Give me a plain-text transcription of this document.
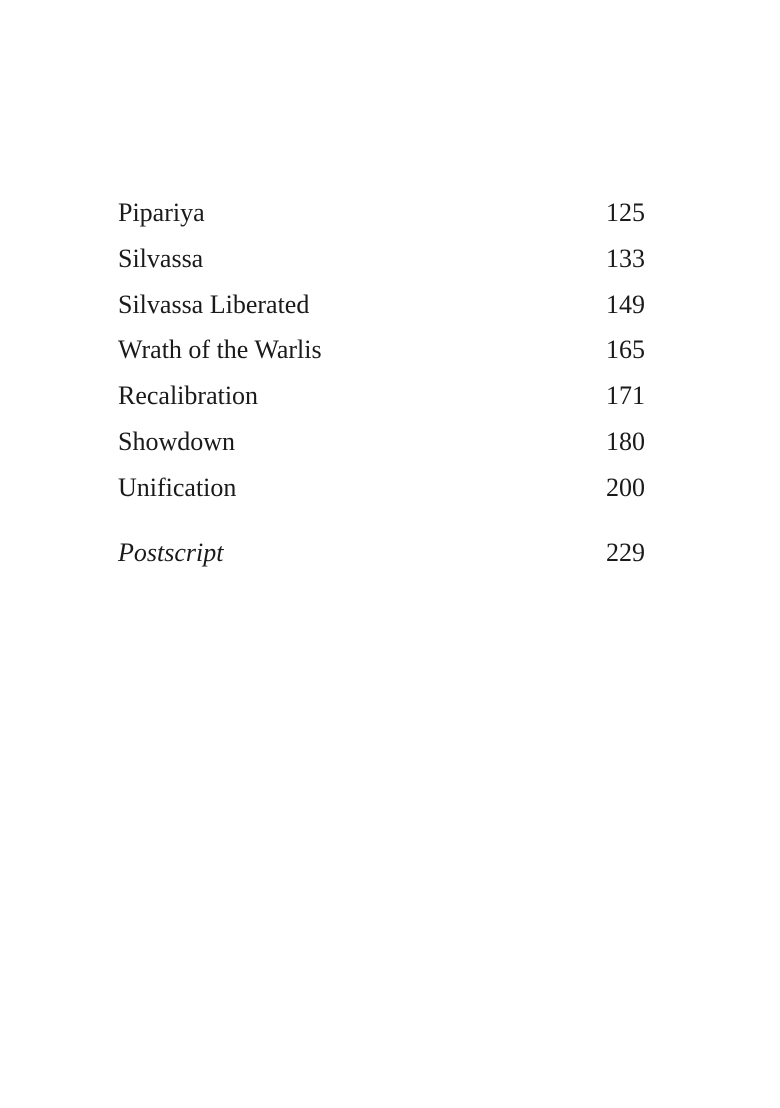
Pipariya	125
Silvassa	133
Silvassa Liberated	149
Wrath of the Warlis	165
Recalibration	171
Showdown	180
Unification	200
Postscript	229
